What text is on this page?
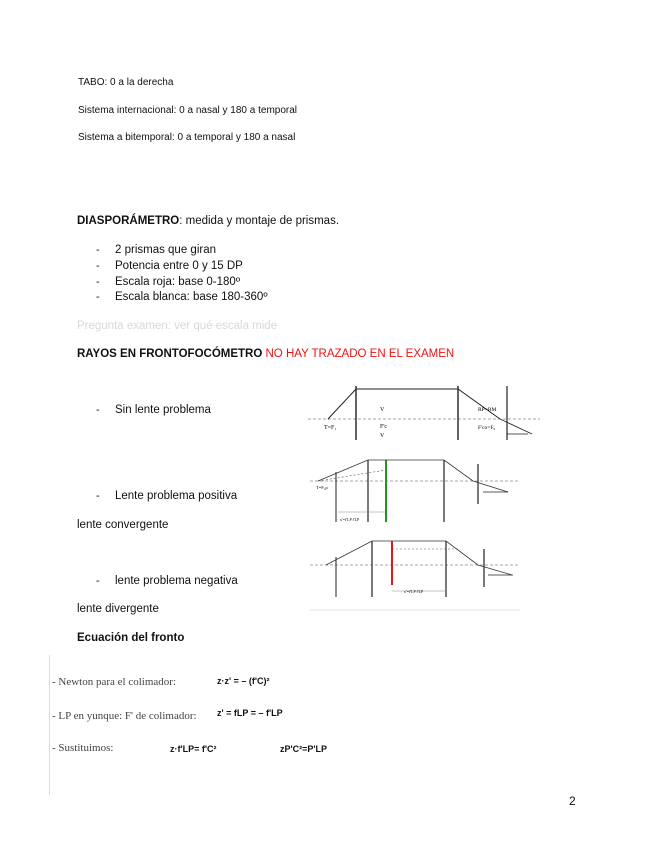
TABO: 0 a la derecha
Sistema internacional: 0 a nasal y 180 a temporal
Sistema a bitemporal: 0 a temporal y 180 a nasal
DIASPORÁMETRO: medida y montaje de prismas.
- 2 prismas que giran
- Potencia entre 0 y 15 DP
- Escala roja: base 0-180º
- Escala blanca: base 180-360º
Pregunta examen: ver qué escala mide
RAYOS EN FRONTOFOCÓMETRO NO HAY TRAZADO EN EL EXAMEN
- Sin lente problema
- Lente problema positiva
lente convergente
- lente problema negativa
lente divergente
T=F₁
V
F'c
V
RP=RM
F'co=F₀
T=F₁p
x'=f'LP f'LP
x'=f'LP f'LP
Ecuación del fronto
- Newton para el colimador:	z·z' = – (f'C)²
- LP en yunque: F' de colimador: z' = fLP = – f'LP
- Sustituimos:	z·f'LP= f'C²	zP'C²=P'LP
2
